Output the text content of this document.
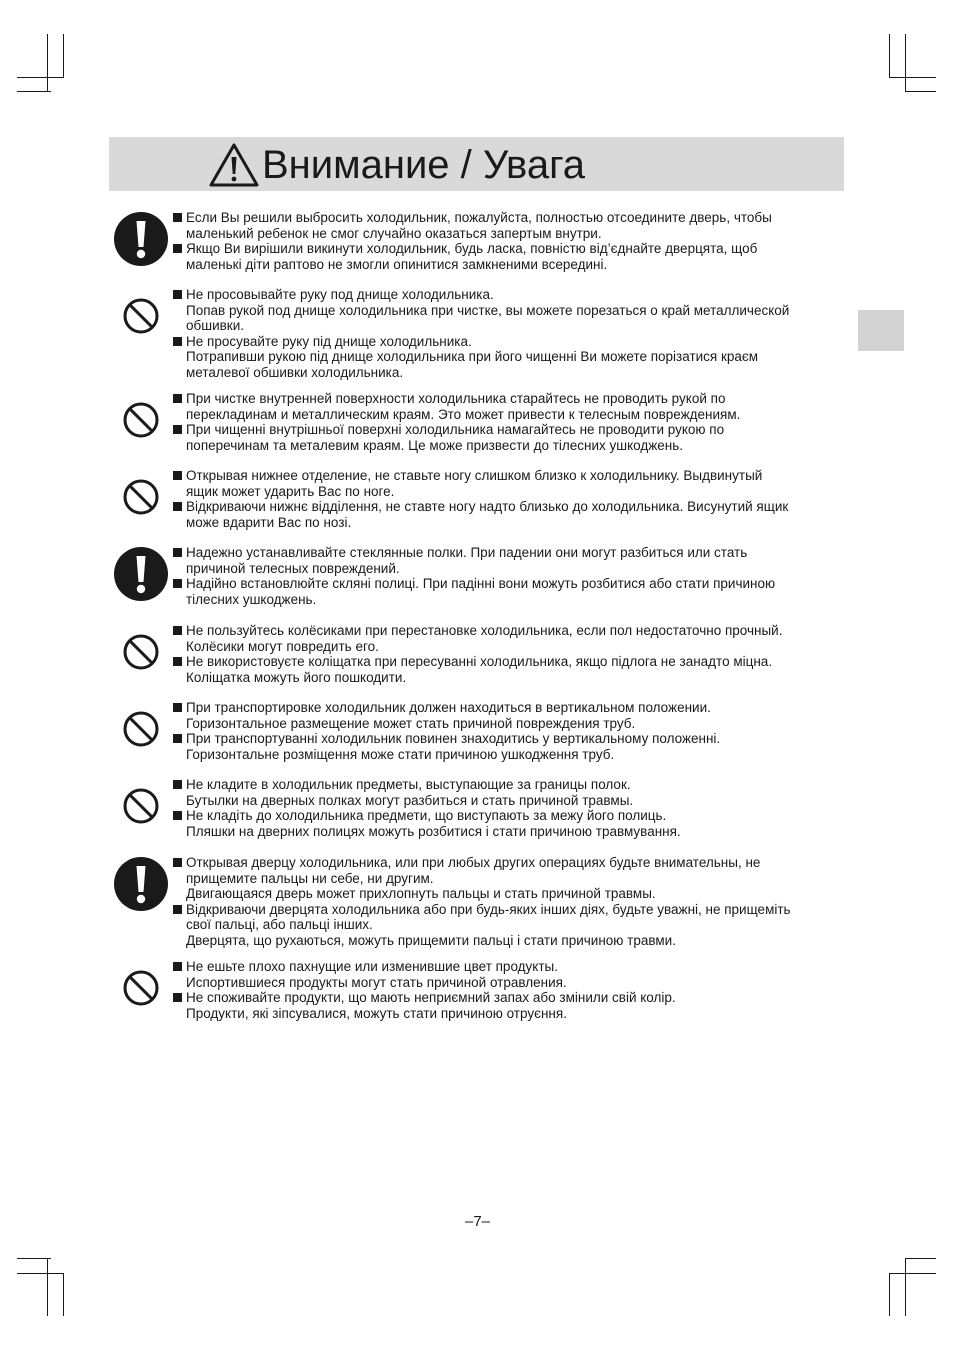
Внимание / Увага
Если Вы решили выбросить холодильник, пожалуйста, полностью отсоедините дверь, чтобы
маленький ребенок не смог случайно оказаться запертым внутри.
Якщо Ви вирішили викинути холодильник, будь ласка, повністю від’єднайте дверцята, щоб
маленькі діти раптово не змогли опинитися замкненими всередині.
Не просовывайте руку под днище холодильника.
Попав рукой под днище холодильника при чистке, вы можете порезаться о край металлической
обшивки.
Не просувайте руку під днище холодильника.
Потрапивши рукою під днище холодильника при його чищенні Ви можете порізатися краєм
металевої обшивки холодильника.
При чистке внутренней поверхности холодильника старайтесь не проводить рукой по
перекладинам и металлическим краям. Это может привести к телесным повреждениям.
При чищенні внутрішньої поверхні холодильника намагайтесь не проводити рукою по
поперечинам та металевим краям. Це може призвести до тілесних ушкоджень.
Открывая нижнее отделение, не ставьте ногу слишком близко к холодильнику. Выдвинутый
ящик может ударить Вас по ноге.
Відкриваючи нижнє відділення, не ставте ногу надто близько до холодильника. Висунутий ящик
може вдарити Вас по нозі.
Надежно устанавливайте стеклянные полки. При падении они могут разбиться или стать
причиной телесных повреждений.
Надійно встановлюйте скляні полиці. При падінні вони можуть розбитися або стати причиною
тілесних ушкоджень.
Не пользуйтесь колёсиками при перестановке холодильника, если пол недостаточно прочный.
Колёсики могут повредить его.
Не використовуєте коліщатка при пересуванні холодильника, якщо підлога не занадто міцна.
Коліщатка можуть його пошкодити.
При транспортировке холодильник должен находиться в вертикальном положении.
Горизонтальное размещение может стать причиной повреждения труб.
При транспортуванні холодильник повинен знаходитись у вертикальному положенні.
Горизонтальне розміщення може стати причиною ушкодження труб.
Не кладите в холодильник предметы, выступающие за границы полок.
Бутылки на дверных полках могут разбиться и стать причиной травмы.
Не кладіть до холодильника предмети, що виступають за межу його полиць.
Пляшки на дверних полицях можуть розбитися і стати причиною травмування.
Открывая дверцу холодильника, или при любых других операциях будьте внимательны, не
прищемите пальцы ни себе, ни другим.
Двигающаяся дверь может прихлопнуть пальцы и стать причиной травмы.
Відкриваючи дверцята холодильника або при будь-яких інших діях, будьте уважні, не прищеміть
свої пальці, або пальці інших.
Дверцята, що рухаються, можуть прищемити пальці і стати причиною травми.
Не ешьте плохо пахнущие или изменившие цвет продукты.
Испортившиеся продукты могут стать причиной отравления.
Не споживайте продукти, що мають неприємний запах або змінили свій колір.
Продукти, які зіпсувалися, можуть стати причиною отруєння.
–7–
